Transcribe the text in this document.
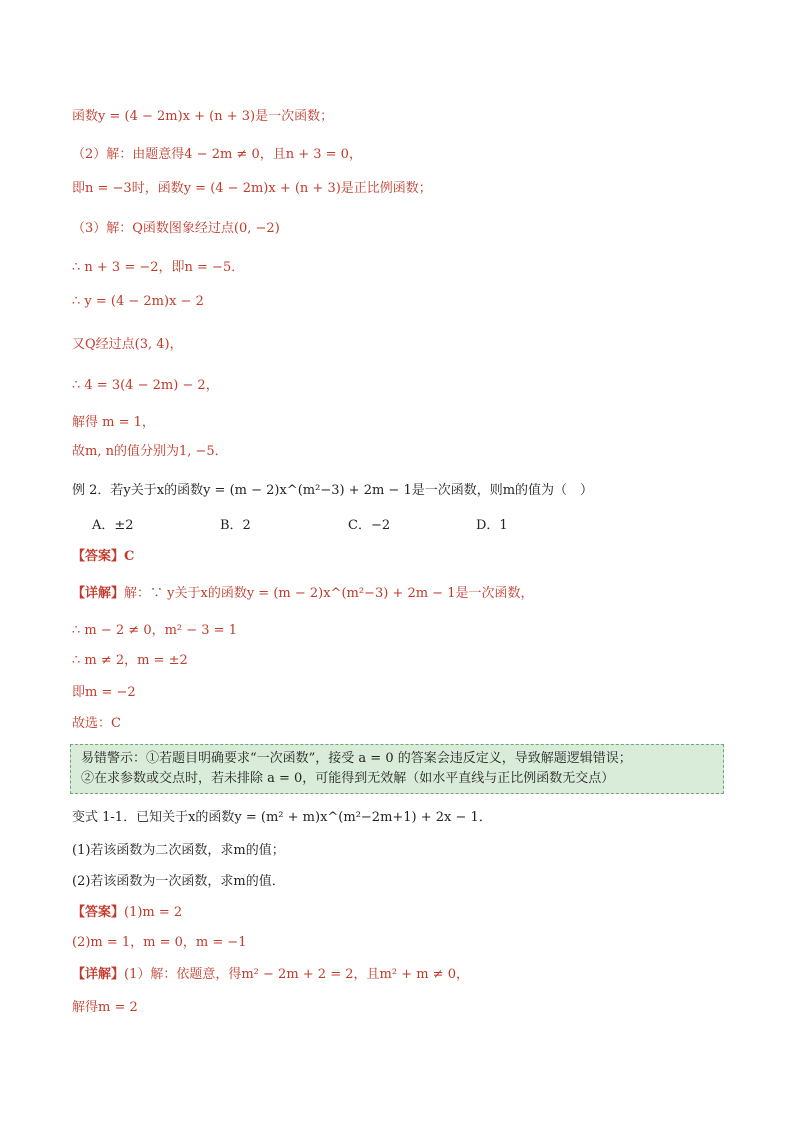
函数y = (4 − 2m)x + (n + 3)是一次函数；
（2）解：由题意得4 − 2m ≠ 0，且n + 3 = 0，
即n = −3时，函数y = (4 − 2m)x + (n + 3)是正比例函数；
（3）解：Q函数图象经过点(0, −2)
∴ n + 3 = −2，即n = −5．
∴ y = (4 − 2m)x − 2
又Q经过点(3, 4)，
∴ 4 = 3(4 − 2m) − 2，
解得 m = 1，
故m, n的值分别为1, −5．
例 2．若y关于x的函数y = (m − 2)x^(m²−3) + 2m − 1是一次函数，则m的值为（　）
A．±2	B．2	C．−2	D．1
【答案】C
【详解】解：∵ y关于x的函数y = (m − 2)x^(m²−3) + 2m − 1是一次函数，
∴ m − 2 ≠ 0，m² − 3 = 1
∴ m ≠ 2，m = ±2
即m = −2
故选：C
易错警示：①若题目明确要求“一次函数”，接受 a = 0 的答案会违反定义，导致解题逻辑错误；
②在求参数或交点时，若未排除 a = 0，可能得到无效解（如水平直线与正比例函数无交点）
变式 1-1．已知关于x的函数y = (m² + m)x^(m²−2m+1) + 2x − 1．
(1)若该函数为二次函数，求m的值；
(2)若该函数为一次函数，求m的值．
【答案】(1)m = 2
(2)m = 1，m = 0，m = −1
【详解】(1）解：依题意，得m² − 2m + 2 = 2，且m² + m ≠ 0，
解得m = 2
